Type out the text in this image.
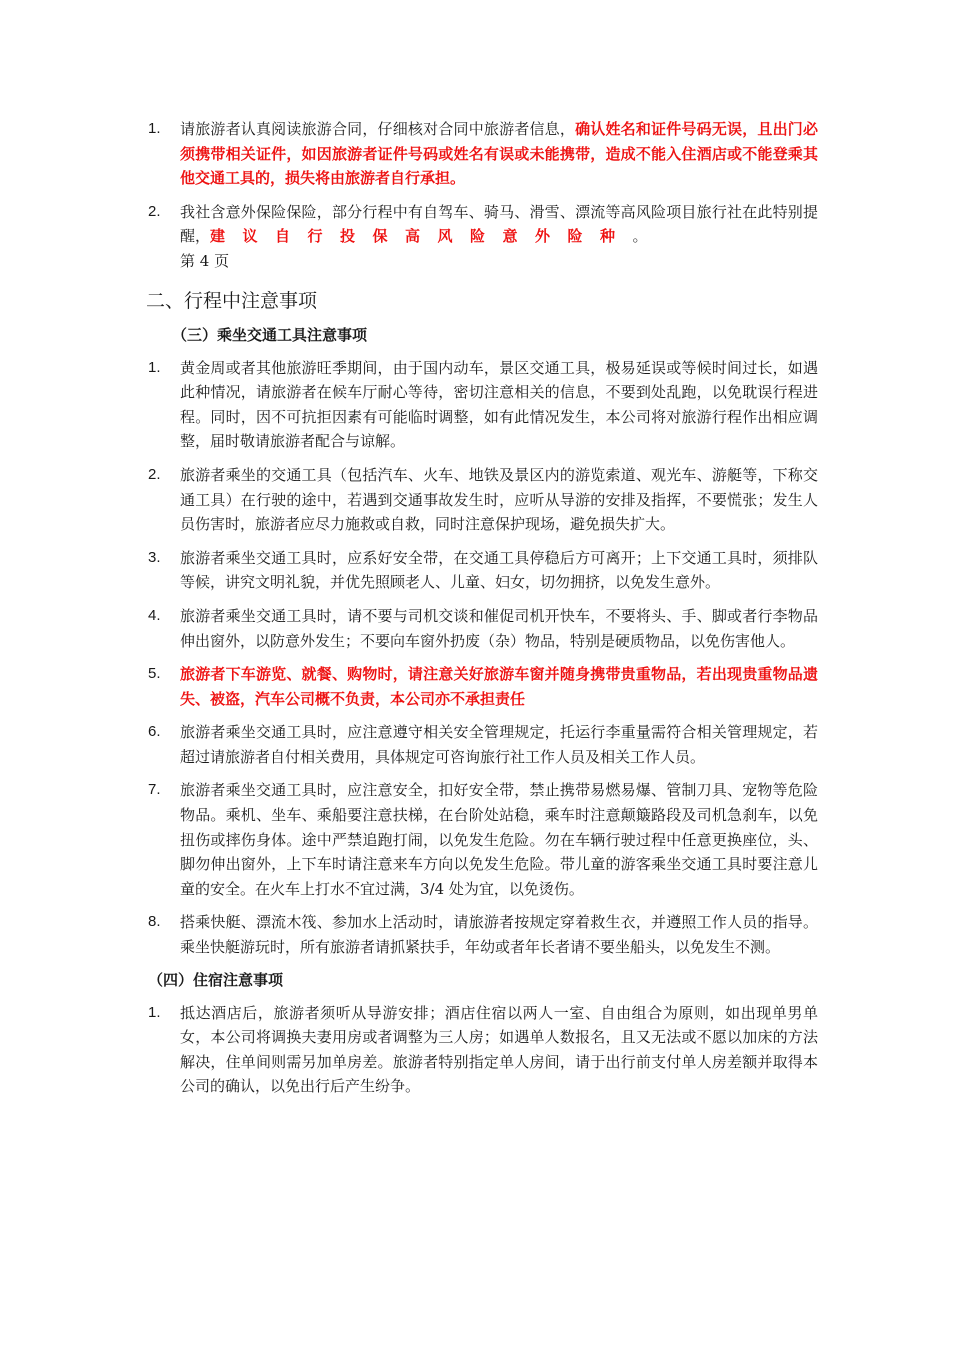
1. 请旅游者认真阅读旅游合同，仔细核对合同中旅游者信息，确认姓名和证件号码无误，且出门必须携带相关证件，如因旅游者证件号码或姓名有误或未能携带，造成不能入住酒店或不能登乘其他交通工具的，损失将由旅游者自行承担。
2. 我社含意外保险保险，部分行程中有自驾车、骑马、滑雪、漂流等高风险项目旅行社在此特别提醒，建议自行投保高风险意外险种。
第 4 页
二、行程中注意事项
（三）乘坐交通工具注意事项
1. 黄金周或者其他旅游旺季期间，由于国内动车，景区交通工具，极易延误或等候时间过长，如遇此种情况，请旅游者在候车厅耐心等待，密切注意相关的信息，不要到处乱跑，以免耽误行程进程。同时，因不可抗拒因素有可能临时调整，如有此情况发生，本公司将对旅游行程作出相应调整，届时敬请旅游者配合与谅解。
2. 旅游者乘坐的交通工具（包括汽车、火车、地铁及景区内的游览索道、观光车、游艇等，下称交通工具）在行驶的途中，若遇到交通事故发生时，应听从导游的安排及指挥，不要慌张；发生人员伤害时，旅游者应尽力施救或自救，同时注意保护现场，避免损失扩大。
3. 旅游者乘坐交通工具时，应系好安全带，在交通工具停稳后方可离开；上下交通工具时，须排队等候，讲究文明礼貌，并优先照顾老人、儿童、妇女，切勿拥挤，以免发生意外。
4. 旅游者乘坐交通工具时，请不要与司机交谈和催促司机开快车，不要将头、手、脚或者行李物品伸出窗外，以防意外发生；不要向车窗外扔废（杂）物品，特别是硬质物品，以免伤害他人。
5. 旅游者下车游览、就餐、购物时，请注意关好旅游车窗并随身携带贵重物品，若出现贵重物品遗失、被盗，汽车公司概不负责，本公司亦不承担责任
6. 旅游者乘坐交通工具时，应注意遵守相关安全管理规定，托运行李重量需符合相关管理规定，若超过请旅游者自付相关费用，具体规定可咨询旅行社工作人员及相关工作人员。
7. 旅游者乘坐交通工具时，应注意安全，扣好安全带，禁止携带易燃易爆、管制刀具、宠物等危险物品。乘机、坐车、乘船要注意扶梯，在台阶处站稳，乘车时注意颠簸路段及司机急刹车，以免扭伤或摔伤身体。途中严禁追跑打闹，以免发生危险。勿在车辆行驶过程中任意更换座位，头、脚勿伸出窗外，上下车时请注意来车方向以免发生危险。带儿童的游客乘坐交通工具时要注意儿童的安全。在火车上打水不宜过满，3/4 处为宜，以免烫伤。
8. 搭乘快艇、漂流木筏、参加水上活动时，请旅游者按规定穿着救生衣，并遵照工作人员的指导。乘坐快艇游玩时，所有旅游者请抓紧扶手，年幼或者年长者请不要坐船头，以免发生不测。
（四）住宿注意事项
1. 抵达酒店后，旅游者须听从导游安排；酒店住宿以两人一室、自由组合为原则，如出现单男单女，本公司将调换夫妻用房或者调整为三人房；如遇单人数报名，且又无法或不愿以加床的方法解决，住单间则需另加单房差。旅游者特别指定单人房间，请于出行前支付单人房差额并取得本公司的确认，以免出行后产生纷争。
